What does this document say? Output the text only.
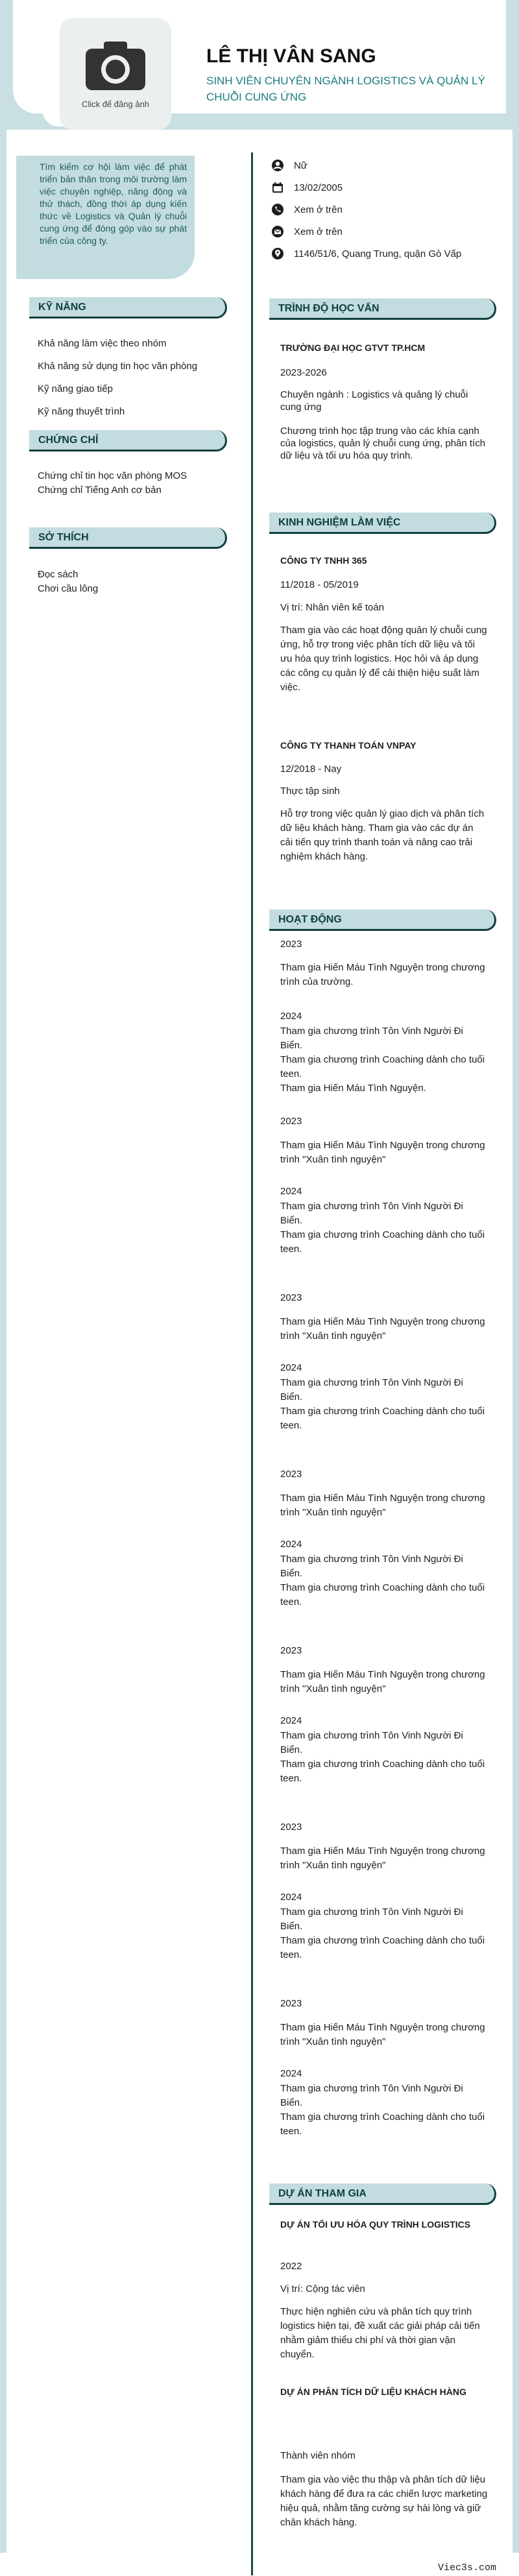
Click để đăng ảnh
LÊ THỊ VÂN SANG
SINH VIÊN CHUYÊN NGÀNH LOGISTICS VÀ QUẢN LÝ CHUỖI CUNG ỨNG
Tìm kiếm cơ hội làm việc để phát triển bản thân trong môi trường làm việc chuyên nghiệp, năng động và thử thách, đồng thời áp dụng kiến thức về Logistics và Quản lý chuỗi cung ứng để đóng góp vào sự phát triển của công ty.
Nữ
13/02/2005
Xem ở trên
Xem ở trên
1146/51/6, Quang Trung, quận Gò Vấp
KỸ NĂNG
Khả năng làm việc theo nhóm
Khả năng sử dụng tin học văn phòng
Kỹ năng giao tiếp
Kỹ năng thuyết trình
CHỨNG CHỈ
Chứng chỉ tin học văn phòng MOS
Chứng chỉ Tiếng Anh cơ bản
SỞ THÍCH
Đọc sách
Chơi cầu lông
TRÌNH ĐỘ HỌC VẤN
TRƯỜNG ĐẠI HỌC GTVT TP.HCM
2023-2026
Chuyên ngành : Logistics và quảng lý chuỗi cung ứng
Chương trình học tập trung vào các khía cạnh của logistics, quản lý chuỗi cung ứng, phân tích dữ liệu và tối ưu hóa quy trình.
KINH NGHIỆM LÀM VIỆC
CÔNG TY TNHH 365
11/2018 - 05/2019
Vị trí: Nhân viên kế toán
Tham gia vào các hoạt động quản lý chuỗi cung ứng, hỗ trợ trong việc phân tích dữ liệu và tối ưu hóa quy trình logistics. Học hỏi và áp dụng các công cụ quản lý để cải thiện hiệu suất làm việc.
CÔNG TY THANH TOÁN VNPAY
12/2018 - Nay
Thực tập sinh
Hỗ trợ trong việc quản lý giao dịch và phân tích dữ liệu khách hàng. Tham gia vào các dự án cải tiến quy trình thanh toán và nâng cao trải nghiệm khách hàng.
HOẠT ĐỘNG
2023
Tham gia Hiến Máu Tình Nguyện trong chương trình của trường.
2024
Tham gia chương trình Tôn Vinh Người Đi Biển.
Tham gia chương trình Coaching dành cho tuổi teen.
Tham gia Hiến Máu Tình Nguyện.
2023
Tham gia Hiến Máu Tình Nguyện trong chương trình "Xuân tình nguyện"
2024
Tham gia chương trình Tôn Vinh Người Đi Biển.
Tham gia chương trình Coaching dành cho tuổi teen.
2023
Tham gia Hiến Máu Tình Nguyện trong chương trình "Xuân tình nguyện"
2024
Tham gia chương trình Tôn Vinh Người Đi Biển.
Tham gia chương trình Coaching dành cho tuổi teen.
2023
Tham gia Hiến Máu Tình Nguyện trong chương trình "Xuân tình nguyện"
2024
Tham gia chương trình Tôn Vinh Người Đi Biển.
Tham gia chương trình Coaching dành cho tuổi teen.
2023
Tham gia Hiến Máu Tình Nguyện trong chương trình "Xuân tình nguyện"
2024
Tham gia chương trình Tôn Vinh Người Đi Biển.
Tham gia chương trình Coaching dành cho tuổi teen.
2023
Tham gia Hiến Máu Tình Nguyện trong chương trình "Xuân tình nguyện"
2024
Tham gia chương trình Tôn Vinh Người Đi Biển.
Tham gia chương trình Coaching dành cho tuổi teen.
2023
Tham gia Hiến Máu Tình Nguyện trong chương trình "Xuân tình nguyện"
2024
Tham gia chương trình Tôn Vinh Người Đi Biển.
Tham gia chương trình Coaching dành cho tuổi teen.
DỰ ÁN THAM GIA
DỰ ÁN TỐI ƯU HÓA QUY TRÌNH LOGISTICS
2022
Vị trí: Cộng tác viên
Thực hiện nghiên cứu và phân tích quy trình logistics hiện tại, đề xuất các giải pháp cải tiến nhằm giảm thiểu chi phí và thời gian vận chuyển.
DỰ ÁN PHÂN TÍCH DỮ LIỆU KHÁCH HÀNG
Thành viên nhóm
Tham gia vào việc thu thập và phân tích dữ liệu khách hàng để đưa ra các chiến lược marketing hiệu quả, nhằm tăng cường sự hài lòng và giữ chân khách hàng.
Viec3s.com
